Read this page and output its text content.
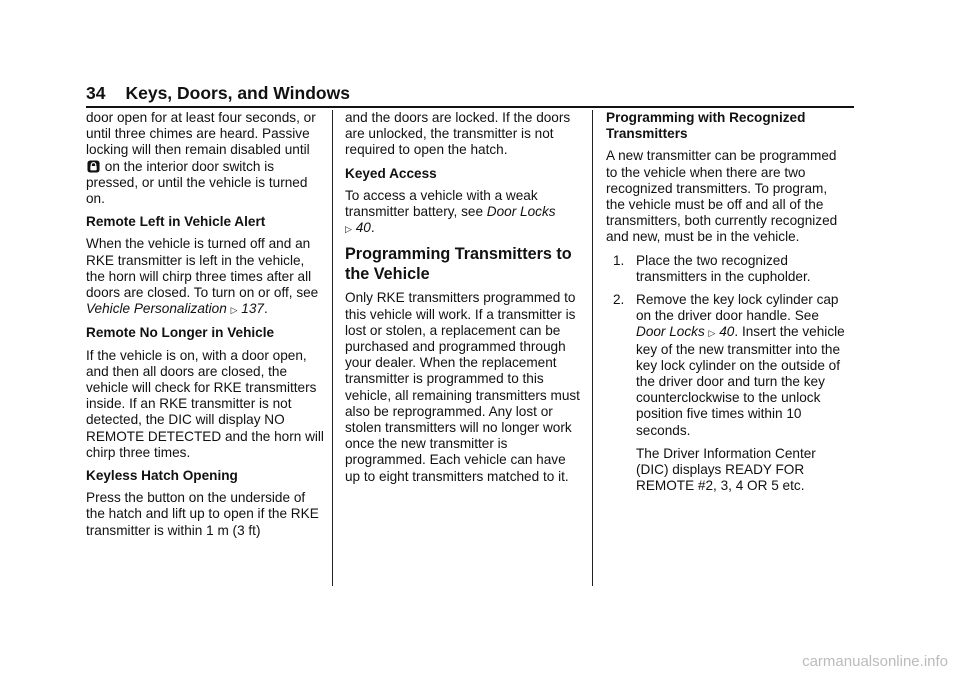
34 Keys, Doors, and Windows

door open for at least four seconds, or until three chimes are heard. Passive locking will then remain disabled until  on the interior door switch is pressed, or until the vehicle is turned on.

Remote Left in Vehicle Alert

When the vehicle is turned off and an RKE transmitter is left in the vehicle, the horn will chirp three times after all doors are closed. To turn on or off, see Vehicle Personalization ▷ 137.

Remote No Longer in Vehicle

If the vehicle is on, with a door open, and then all doors are closed, the vehicle will check for RKE transmitters inside. If an RKE transmitter is not detected, the DIC will display NO REMOTE DETECTED and the horn will chirp three times.

Keyless Hatch Opening

Press the button on the underside of the hatch and lift up to open if the RKE transmitter is within 1 m (3 ft)

and the doors are locked. If the doors are unlocked, the transmitter is not required to open the hatch.

Keyed Access

To access a vehicle with a weak transmitter battery, see Door Locks
▷ 40.

Programming Transmitters to the Vehicle

Only RKE transmitters programmed to this vehicle will work. If a transmitter is lost or stolen, a replacement can be purchased and programmed through your dealer. When the replacement transmitter is programmed to this vehicle, all remaining transmitters must also be reprogrammed. Any lost or stolen transmitters will no longer work once the new transmitter is programmed. Each vehicle can have up to eight transmitters matched to it.

Programming with Recognized Transmitters

A new transmitter can be programmed to the vehicle when there are two recognized transmitters. To program, the vehicle must be off and all of the transmitters, both currently recognized and new, must be in the vehicle.

1. Place the two recognized transmitters in the cupholder.
2. Remove the key lock cylinder cap on the driver door handle. See Door Locks ▷ 40. Insert the vehicle key of the new transmitter into the key lock cylinder on the outside of the driver door and turn the key counterclockwise to the unlock position five times within 10 seconds.

The Driver Information Center (DIC) displays READY FOR REMOTE #2, 3, 4 OR 5 etc.

carmanualsonline.info
